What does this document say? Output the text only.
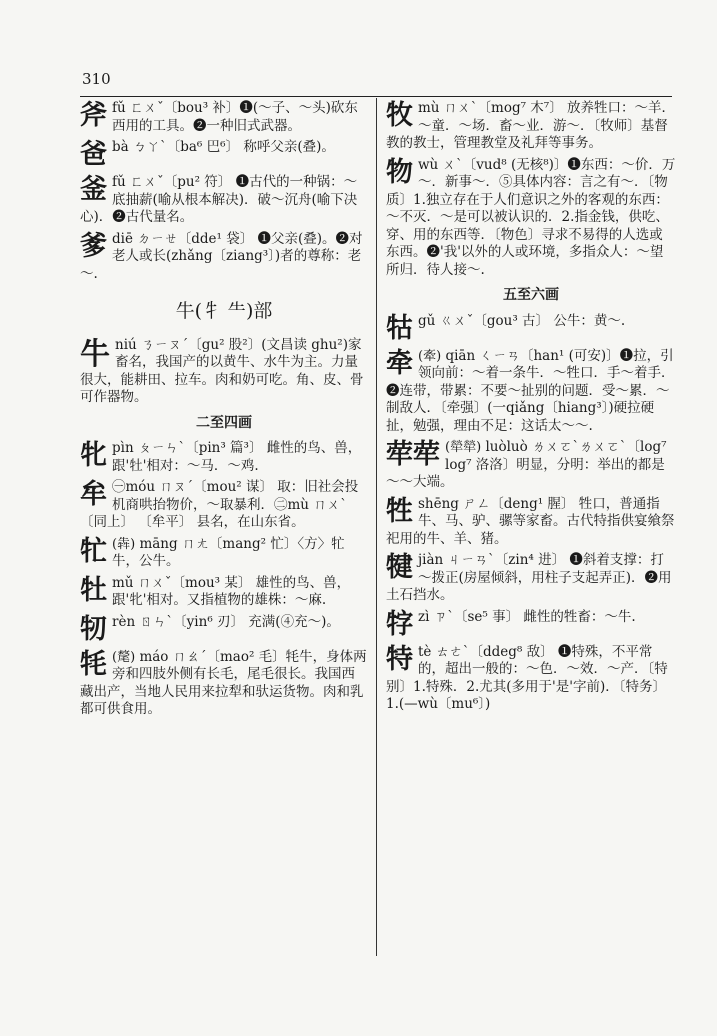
310
斧 fǔ ㄈㄨˇ〔bou³ 补〕❶(～子、～头)砍东西用的工具。❷一种旧式武器。
爸 bà ㄅㄚˋ〔ba⁶ 巴⁶〕 称呼父亲(叠)。
釜 fǔ ㄈㄨˇ〔pu² 符〕 ❶古代的一种锅：～底抽薪(喻从根本解决)．破～沉舟(喻下决心)．❷古代量名。
爹 diē ㄉㄧㄝ〔dde¹ 袋〕 ❶父亲(叠)。❷对老人或长(zhǎng〔ziang³〕)者的尊称：老～.
牛(牜 ⺧)部
牛 niú ㄋㄧㄡˊ〔gu² 股²〕(文昌读 ghu²)家畜名，我国产的以黄牛、水牛为主。力量很大，能耕田、拉车。肉和奶可吃。角、皮、骨可作器物。
二至四画
牝 pìn ㄆㄧㄣˋ〔pin³ 篇³〕 雌性的鸟、兽，跟'牡'相对：～马．～鸡.
牟 ㊀móu ㄇㄡˊ〔mou² 谋〕 取：旧社会投机商哄抬物价，～取暴利．㊁mù ㄇㄨˋ〔同上〕 〔牟平〕 县名，在山东省。
牤 (犇) māng ㄇㄤ〔mang² 忙〕〈方〉牤牛，公牛。
牡 mǔ ㄇㄨˇ〔mou³ 某〕 雄性的鸟、兽，跟'牝'相对。又指植物的雄株：～麻.
牣 rèn ㄖㄣˋ〔yin⁶ 刃〕 充满(④充～)。
牦 (氂) máo ㄇㄠˊ〔mao² 毛〕牦牛，身体两旁和四肢外侧有长毛，尾毛很长。我国西藏出产，当地人民用来拉犁和驮运货物。肉和乳都可供食用。
牧 mù ㄇㄨˋ〔mog⁷ 木⁷〕 放养牲口：～羊．～童．～场．畜～业．游～．〔牧师〕基督教的教士，管理教堂及礼拜等事务。
物 wù ㄨˋ〔vud⁸ (无核⁸)〕❶东西：～价．万～．新事～．⑤具体内容：言之有～．〔物质〕1.独立存在于人们意识之外的客观的东西：～不灭．～是可以被认识的．2.指金钱，供吃、穿、用的东西等．〔物色〕寻求不易得的人选或东西。❷'我'以外的人或环境，多指众人：～望所归．待人接～.
五至六画
牯 gǔ ㄍㄨˇ〔gou³ 古〕 公牛：黄～.
牵 (牽) qiān ㄑㄧㄢ〔han¹ (可安)〕❶拉，引领向前：～着一条牛．～牲口．手～着手．❷连带，带累：不要～扯别的问题．受～累．～制敌人．〔牵强〕(一qiǎng〔hiang³〕)硬拉硬扯，勉强，理由不足：这话太～～.
荦荦 (犖犖) luòluò ㄌㄨㄛˋㄌㄨㄛˋ〔log⁷ log⁷ 洛洛〕明显，分明：举出的都是～～大端。
牲 shēng ㄕㄥ〔deng¹ 腥〕 牲口，普通指牛、马、驴、骡等家畜。古代特指供宴飨祭祀用的牛、羊、猪。
犍 jiàn ㄐㄧㄢˋ〔zin⁴ 进〕 ❶斜着支撑：打～拨正(房屋倾斜，用柱子支起弄正)．❷用土石挡水。
牸 zì ㄗˋ〔se⁵ 事〕 雌性的牲畜：～牛.
特 tè ㄊㄜˋ〔ddeg⁸ 敌〕 ❶特殊，不平常的，超出一般的：～色．～效．～产．〔特别〕1.特殊．2.尤其(多用于'是'字前)．〔特务〕1.(—wù〔mu⁶〕)
